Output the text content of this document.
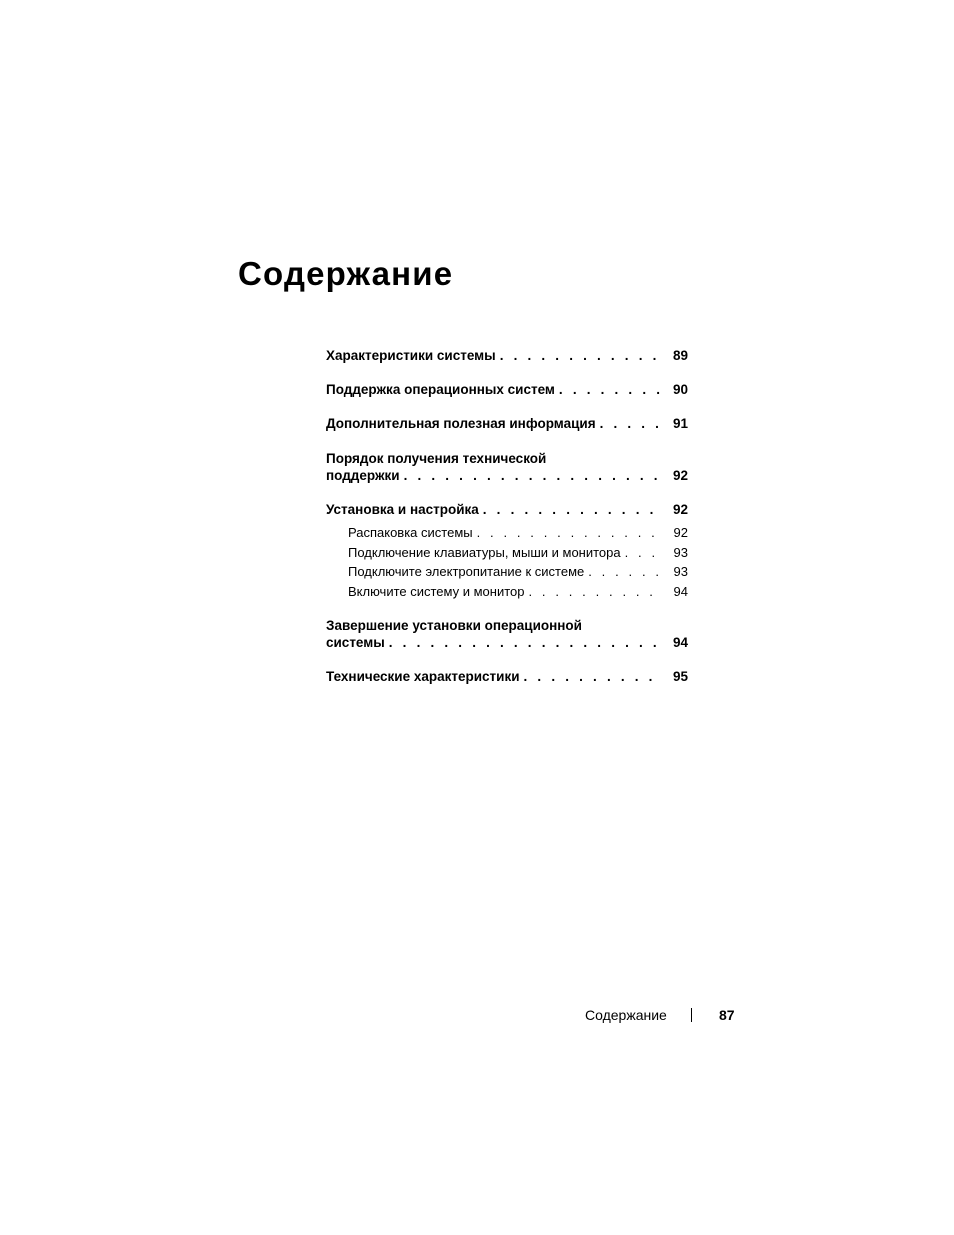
Содержание
Характеристики системы . . .	89
Поддержка операционных систем . . .	90
Дополнительная полезная информация . . .	91
Порядок получения технической
поддержки . . .	92
Установка и настройка . . .	92
Распаковка системы . . .	92
Подключение клавиатуры, мыши и монитора . . .	93
Подключите электропитание к системе . . .	93
Включите систему и монитор . . .	94
Завершение установки операционной
системы . . .	94
Технические характеристики . . .	95
Содержание	87
